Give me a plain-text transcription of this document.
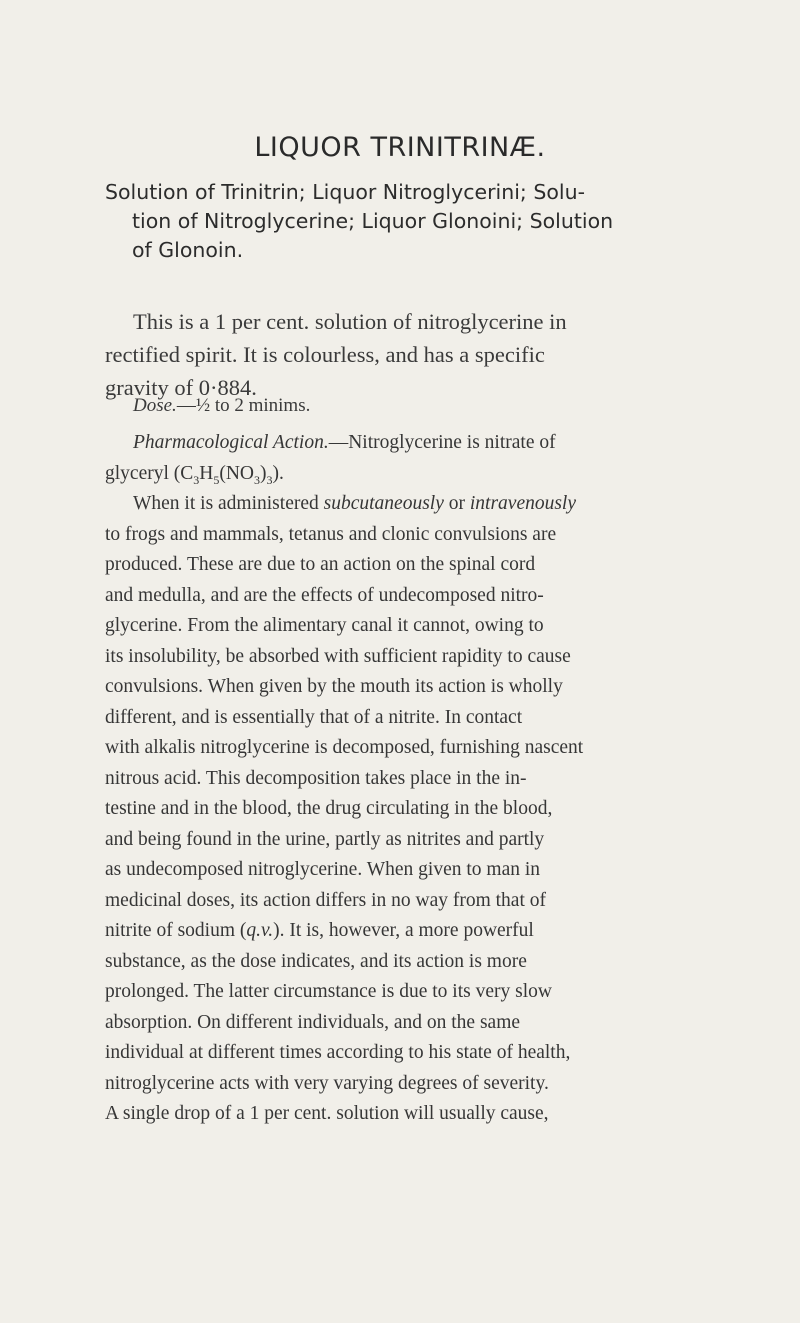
LIQUOR TRINITRINÆ.
Solution of Trinitrin; Liquor Nitroglycerini; Solu-
tion of Nitroglycerine; Liquor Glonoini; Solution
of Glonoin.
This is a 1 per cent. solution of nitroglycerine in
rectified spirit. It is colourless, and has a specific
gravity of 0·884.
Dose.—½ to 2 minims.
Pharmacological Action.—Nitroglycerine is nitrate of
glyceryl $(C_3H_5(NO_3)_3)$.
When it is administered subcutaneously or intravenously
to frogs and mammals, tetanus and clonic convulsions are
produced. These are due to an action on the spinal cord
and medulla, and are the effects of undecomposed nitro-
glycerine. From the alimentary canal it cannot, owing to
its insolubility, be absorbed with sufficient rapidity to cause
convulsions. When given by the mouth its action is wholly
different, and is essentially that of a nitrite. In contact
with alkalis nitroglycerine is decomposed, furnishing nascent
nitrous acid. This decomposition takes place in the in-
testine and in the blood, the drug circulating in the blood,
and being found in the urine, partly as nitrites and partly
as undecomposed nitroglycerine. When given to man in
medicinal doses, its action differs in no way from that of
nitrite of sodium (q.v.). It is, however, a more powerful
substance, as the dose indicates, and its action is more
prolonged. The latter circumstance is due to its very slow
absorption. On different individuals, and on the same
individual at different times according to his state of health,
nitroglycerine acts with very varying degrees of severity.
A single drop of a 1 per cent. solution will usually cause,
